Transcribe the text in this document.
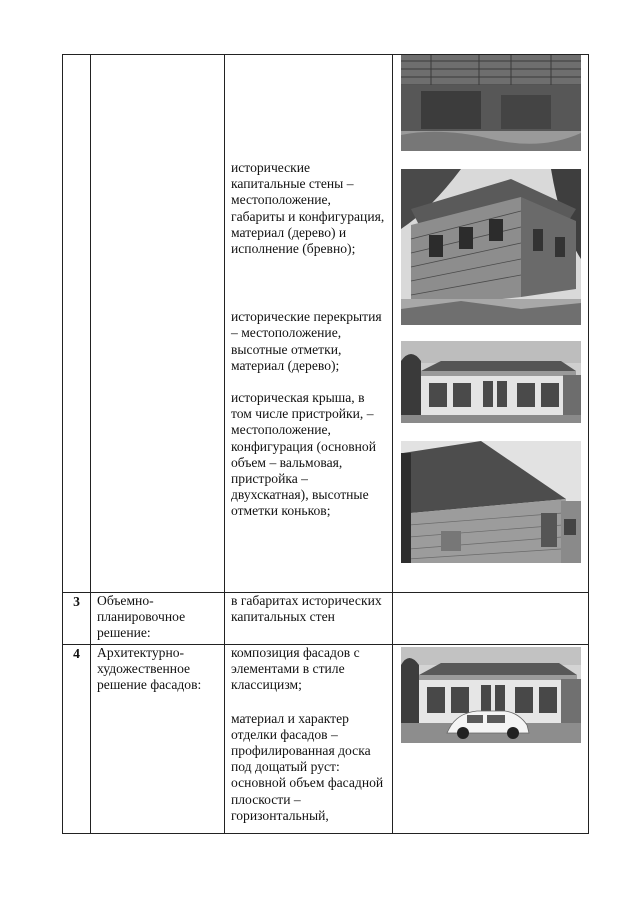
		исторические капитальные стены – местоположение, габариты и конфигурация, материал (дерево) и исполнение (бревно);

исторические перекрытия – местоположение, высотные отметки, материал (дерево);

историческая крыша, в том числе пристройки, – местоположение, конфигурация (основной объем – вальмовая, пристройка – двухскатная), высотные отметки коньков;

3	Объемно-планировочное решение:	в габаритах исторических капитальных стен	
4	Архитектурно-художественное решение фасадов:	композиция фасадов с элементами в стиле классицизм;

материал и характер отделки фасадов – профилированная доска под дощатый руст: основной объем фасадной плоскости – горизонтальный,
